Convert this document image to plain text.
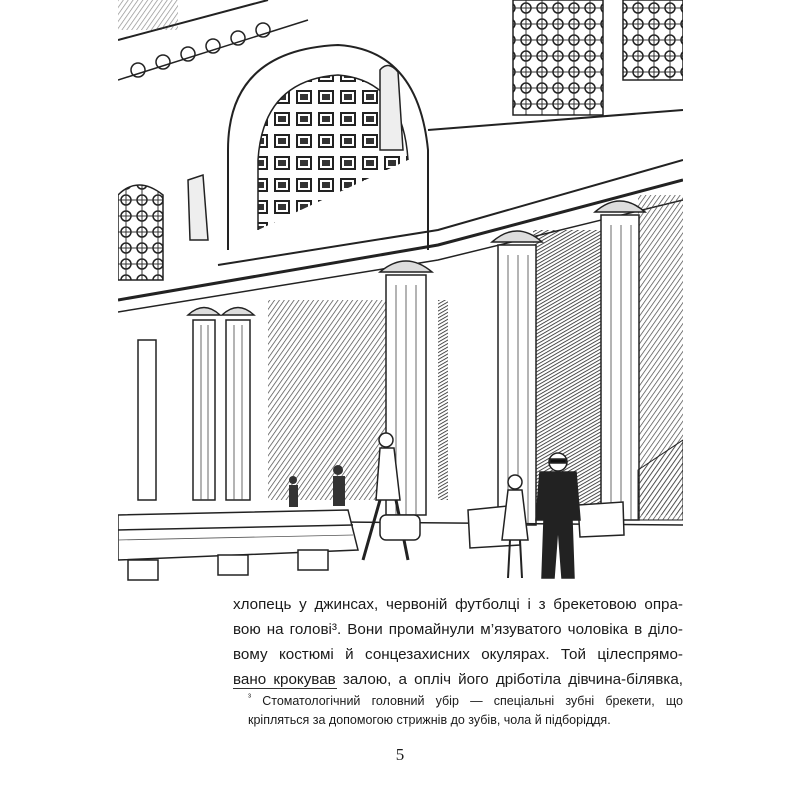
хлопець у джинсах, червоній футболці і з брекетовою опра-

вою на голові³. Вони промайнули м’язуватого чоловіка в діло-

вому костюмі й сонцезахисних окулярах. Той цілеспрямо-

вано крокував залою, а опліч його дріботіла дівчина-білявка,

$^{^3}$ Стоматологічний головний убір — спеціальні зубні брекети, що

кріпляться за допомогою стрижнів до зубів, чола й підборіддя.

5
